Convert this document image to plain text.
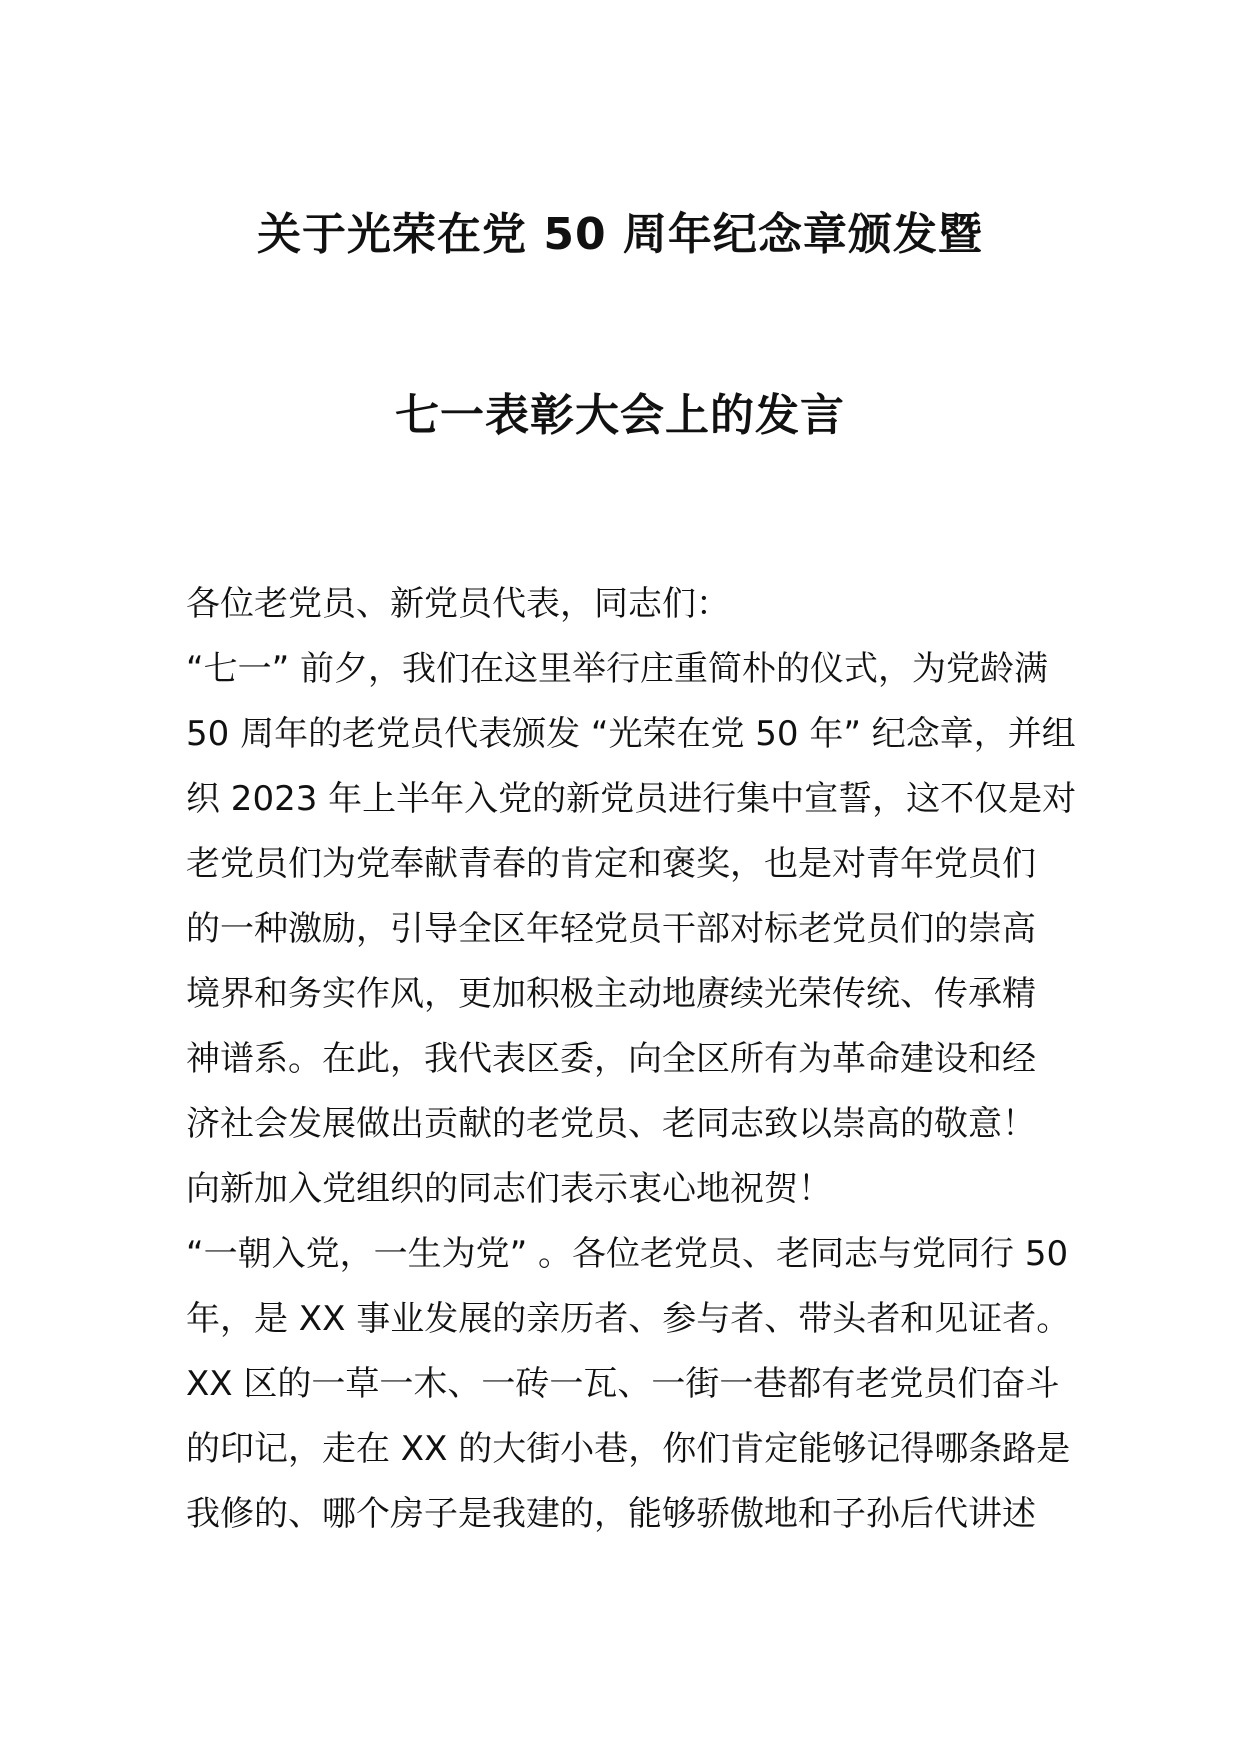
关于光荣在党 50 周年纪念章颁发暨
七一表彰大会上的发言
各位老党员、新党员代表，同志们：
“七一” 前夕，我们在这里举行庄重简朴的仪式，为党龄满
50 周年的老党员代表颁发 “光荣在党 50 年” 纪念章，并组
织 2023 年上半年入党的新党员进行集中宣誓，这不仅是对
老党员们为党奉献青春的肯定和褒奖，也是对青年党员们
的一种激励，引导全区年轻党员干部对标老党员们的崇高
境界和务实作风，更加积极主动地赓续光荣传统、传承精
神谱系。在此，我代表区委，向全区所有为革命建设和经
济社会发展做出贡献的老党员、老同志致以崇高的敬意！
向新加入党组织的同志们表示衷心地祝贺！
“一朝入党，一生为党” 。各位老党员、老同志与党同行 50
年，是 XX 事业发展的亲历者、参与者、带头者和见证者。
XX 区的一草一木、一砖一瓦、一街一巷都有老党员们奋斗
的印记，走在 XX 的大街小巷，你们肯定能够记得哪条路是
我修的、哪个房子是我建的，能够骄傲地和子孙后代讲述
